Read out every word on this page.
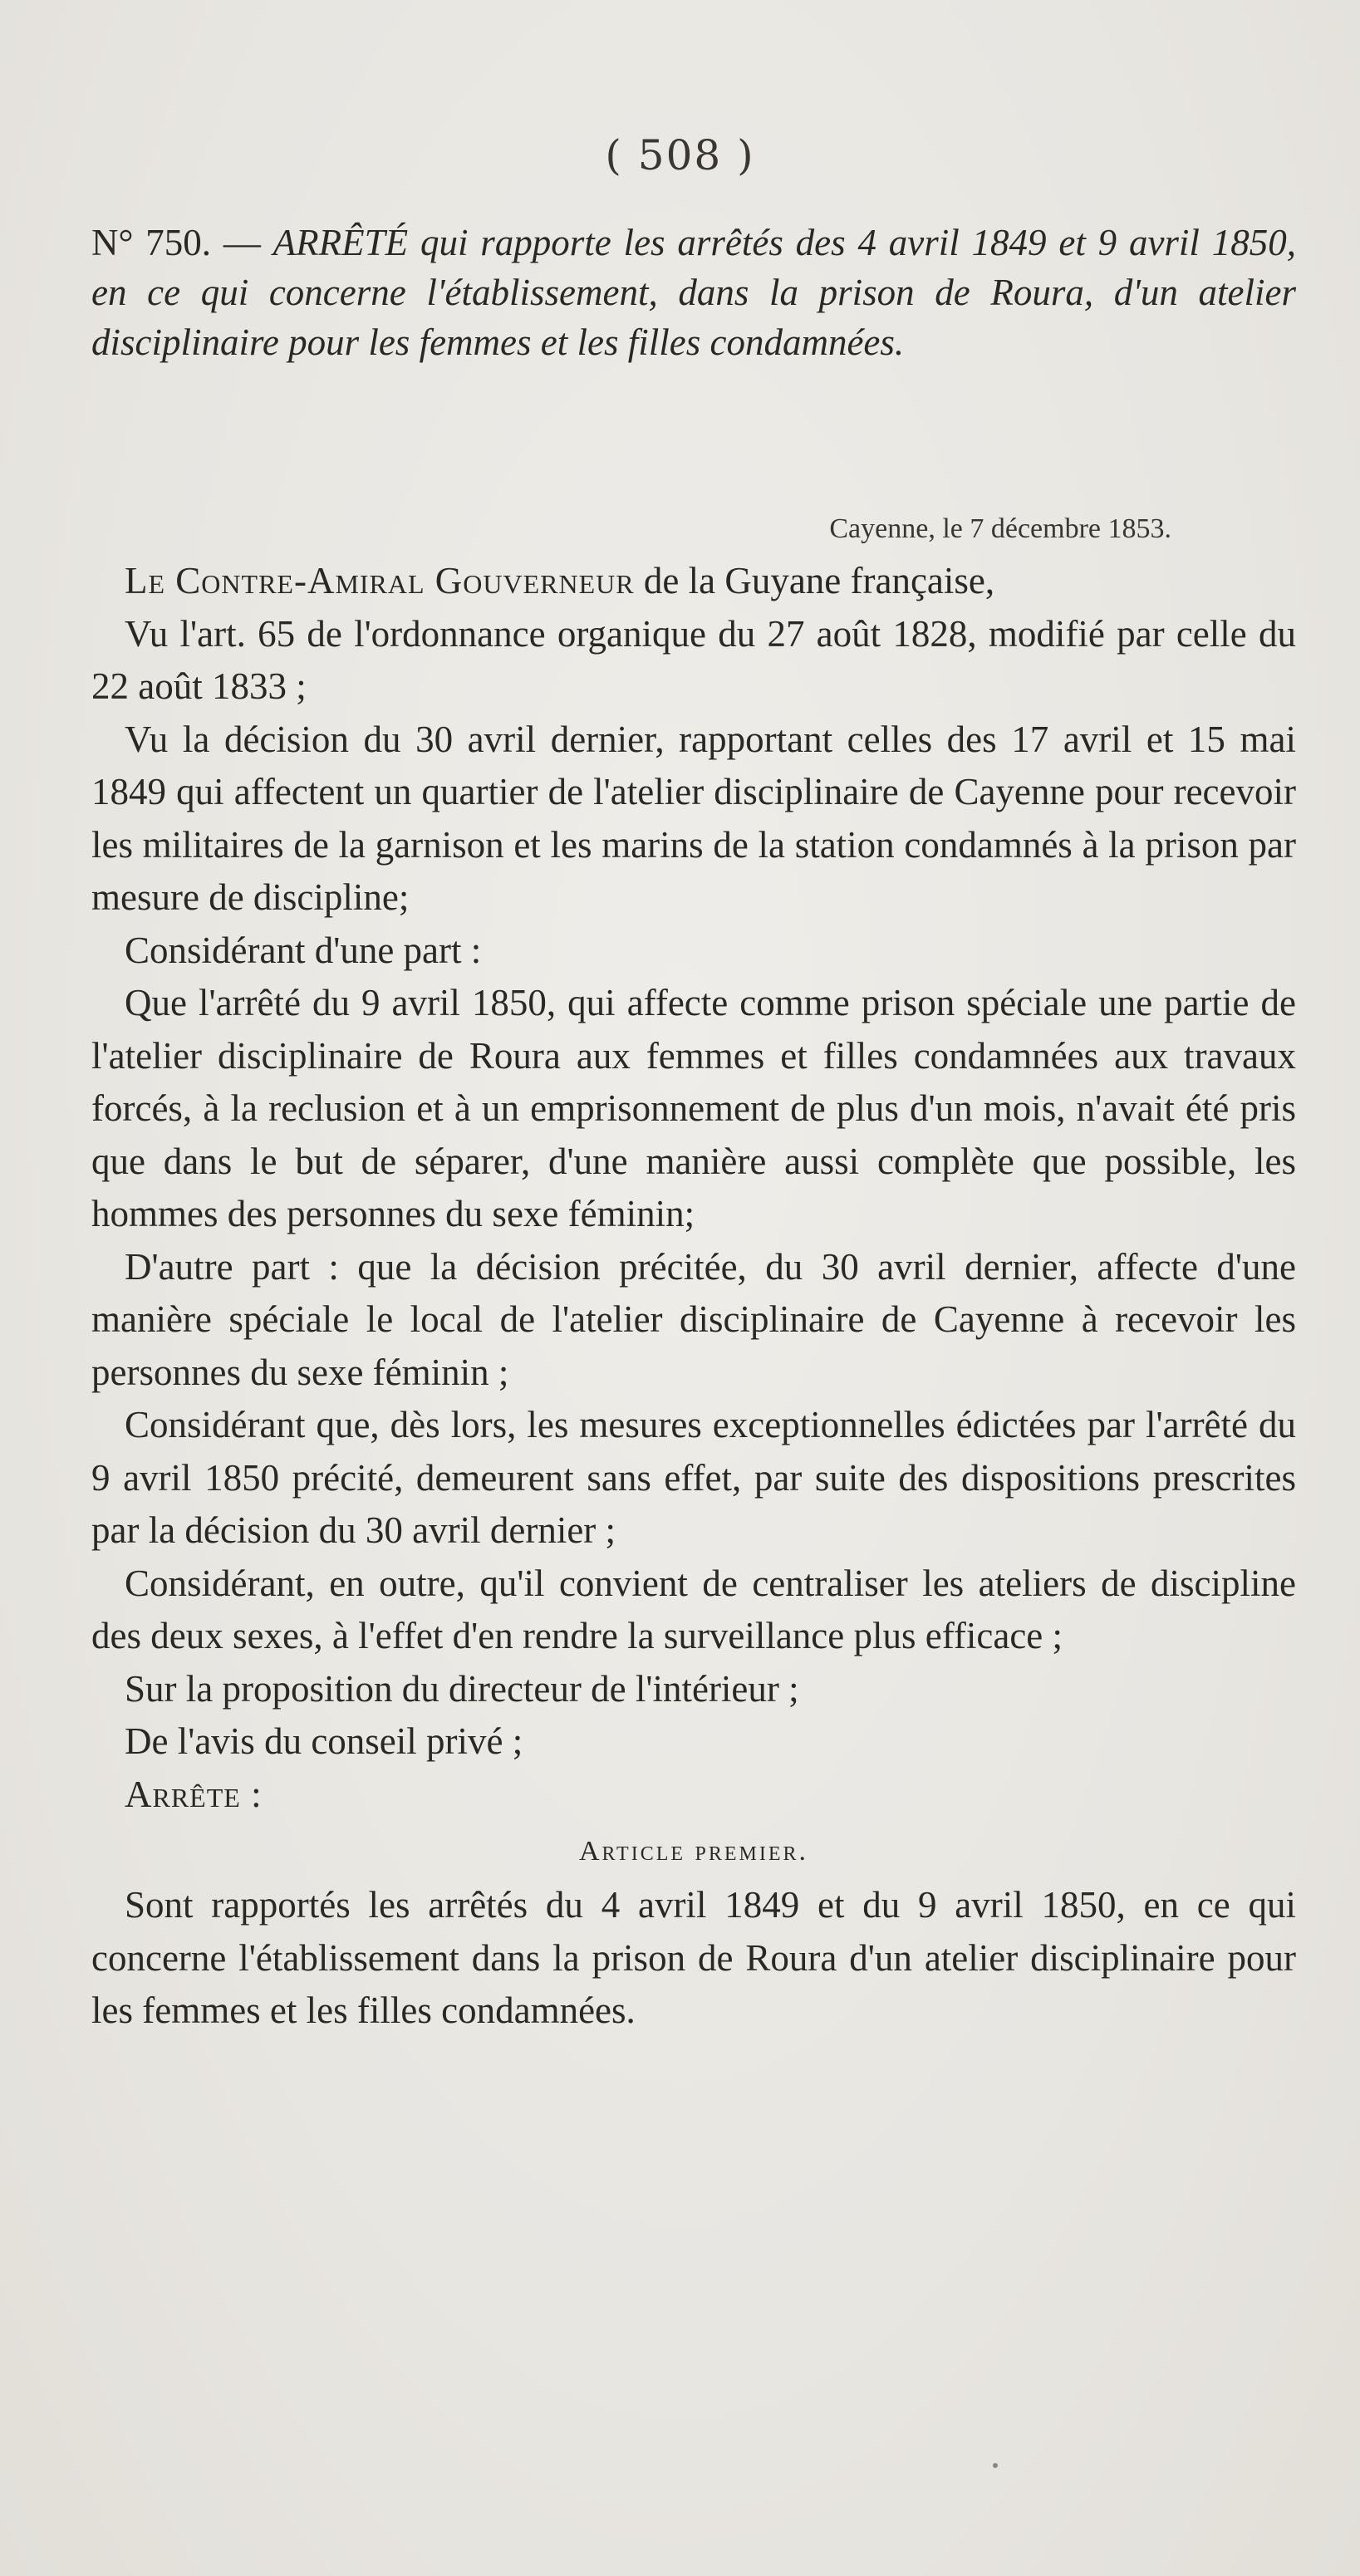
( 508 )
N° 750. — ARRÊTÉ qui rapporte les arrêtés des 4 avril 1849 et 9 avril 1850, en ce qui concerne l'établissement, dans la prison de Roura, d'un atelier disciplinaire pour les femmes et les filles condamnées.
Cayenne, le 7 décembre 1853.

Le Contre-Amiral Gouverneur de la Guyane française,

Vu l'art. 65 de l'ordonnance organique du 27 août 1828, modifié par celle du 22 août 1833 ;

Vu la décision du 30 avril dernier, rapportant celles des 17 avril et 15 mai 1849 qui affectent un quartier de l'atelier disciplinaire de Cayenne pour recevoir les militaires de la garnison et les marins de la station condamnés à la prison par mesure de discipline;

Considérant d'une part :

Que l'arrêté du 9 avril 1850, qui affecte comme prison spéciale une partie de l'atelier disciplinaire de Roura aux femmes et filles condamnées aux travaux forcés, à la reclusion et à un emprisonnement de plus d'un mois, n'avait été pris que dans le but de séparer, d'une manière aussi complète que possible, les hommes des personnes du sexe féminin;

D'autre part : que la décision précitée, du 30 avril dernier, affecte d'une manière spéciale le local de l'atelier disciplinaire de Cayenne à recevoir les personnes du sexe féminin ;

Considérant que, dès lors, les mesures exceptionnelles édictées par l'arrêté du 9 avril 1850 précité, demeurent sans effet, par suite des dispositions prescrites par la décision du 30 avril dernier ;

Considérant, en outre, qu'il convient de centraliser les ateliers de discipline des deux sexes, à l'effet d'en rendre la surveillance plus efficace ;

Sur la proposition du directeur de l'intérieur ;

De l'avis du conseil privé ;

Arrête :

Article premier.

Sont rapportés les arrêtés du 4 avril 1849 et du 9 avril 1850, en ce qui concerne l'établissement dans la prison de Roura d'un atelier disciplinaire pour les femmes et les filles condamnées.
